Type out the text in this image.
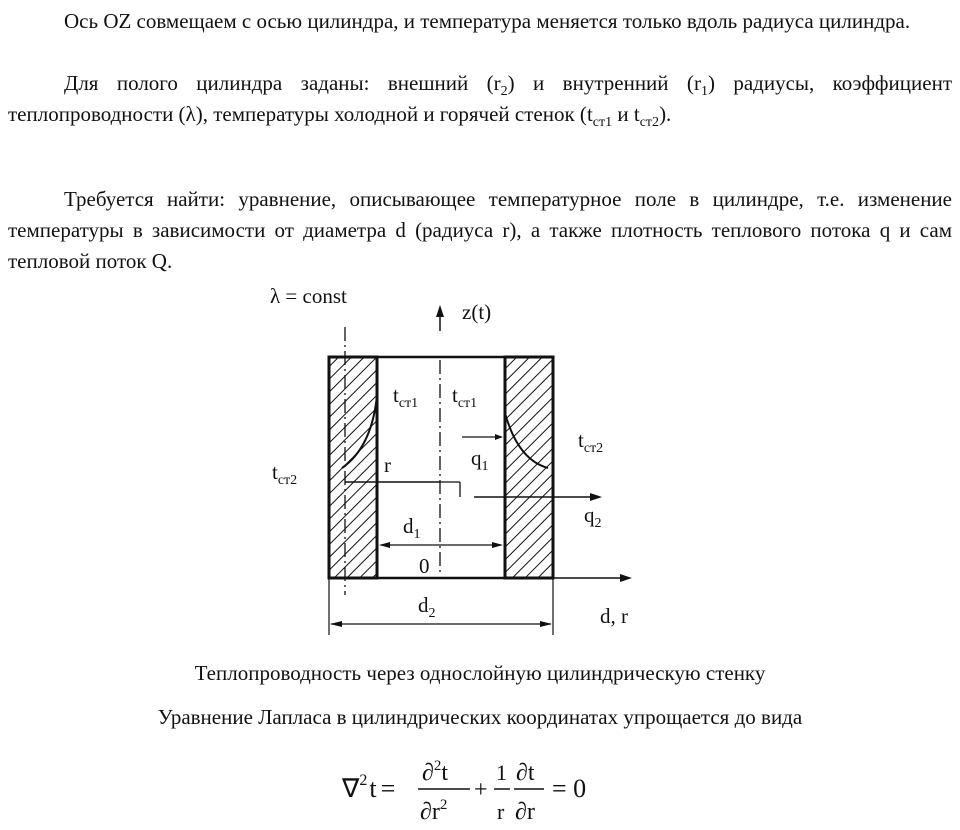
Ось OZ совмещаем с осью цилиндра, и температура меняется только вдоль радиуса цилиндра.

Для полого цилиндра заданы: внешний $(r_2)$ и внутренний $(r_1)$ радиусы, коэффициент теплопроводности (λ), температуры холодной и горячей стенок ($t_{ст1}$ и $t_{ст2}$).

Требуется найти: уравнение, описывающее температурное поле в цилиндре, т.е. изменение температуры в зависимости от диаметра d (радиуса r), а также плотность теплового потока q и сам тепловой поток Q.

z(t)
λ = const
d, r
r	$q_1$
$q_2$
$t_{ст1}$ $t_{ст1}$
$t_{ст2}$
$t_{ст2}$
$d_1$
0
$d_2$

Теплопроводность через однослойную цилиндрическую стенку

Уравнение Лапласа в цилиндрических координатах упрощается до вида

∇$^2$t =
∂$^2$t
$\partial r^2$
+
1
r
∂t
∂r
= 0
